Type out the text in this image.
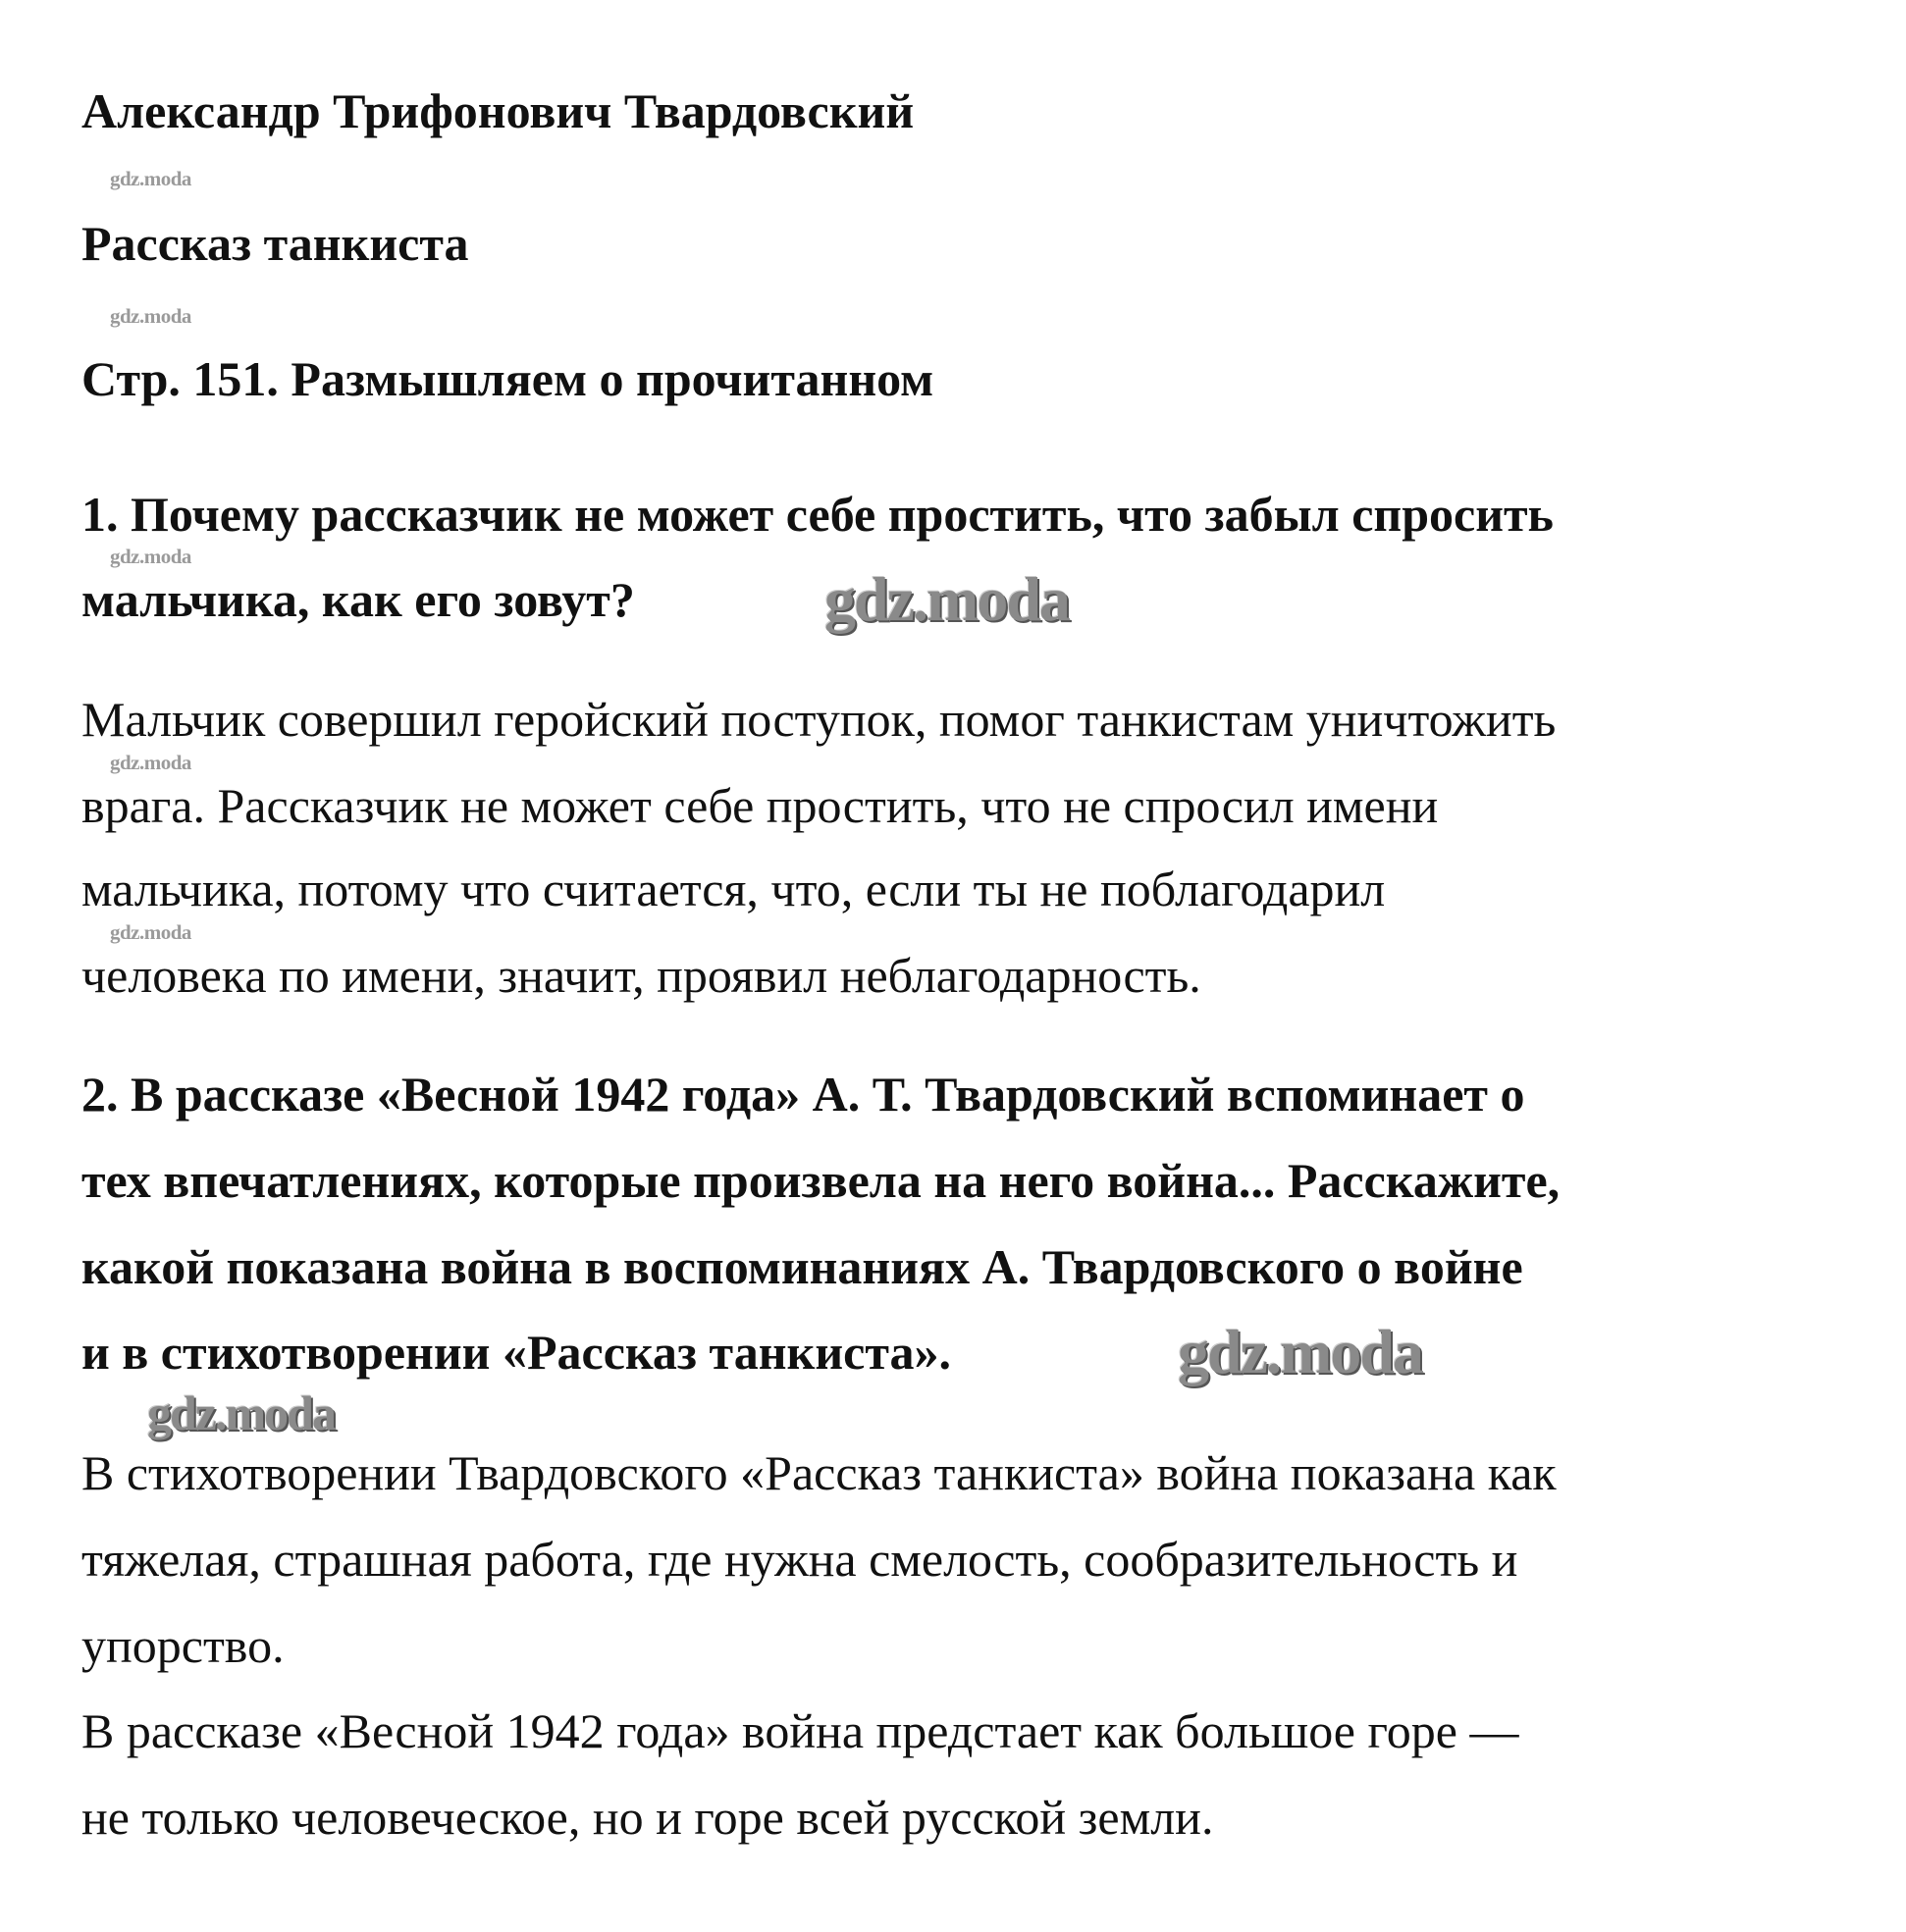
Александр Трифонович Твардовский
gdz.moda
Рассказ танкиста
gdz.moda
Стр. 151. Размышляем о прочитанном
1. Почему рассказчик не может себе простить, что забыл спросить
gdz.moda
мальчика, как его зовут?	gdz.moda
Мальчик совершил геройский поступок, помог танкистам уничтожить
gdz.moda
врага. Рассказчик не может себе простить, что не спросил имени
мальчика, потому что считается, что, если ты не поблагодарил
gdz.moda
человека по имени, значит, проявил неблагодарность.
2. В рассказе «Весной 1942 года» А. Т. Твардовский вспоминает о
тех впечатлениях, которые произвела на него война... Расскажите,
какой показана война в воспоминаниях А. Твардовского о войне
и в стихотворении «Рассказ танкиста».	gdz.moda
gdz.moda
В стихотворении Твардовского «Рассказ танкиста» война показана как
тяжелая, страшная работа, где нужна смелость, сообразительность и
упорство.
В рассказе «Весной 1942 года» война предстает как большое горе —
не только человеческое, но и горе всей русской земли.
